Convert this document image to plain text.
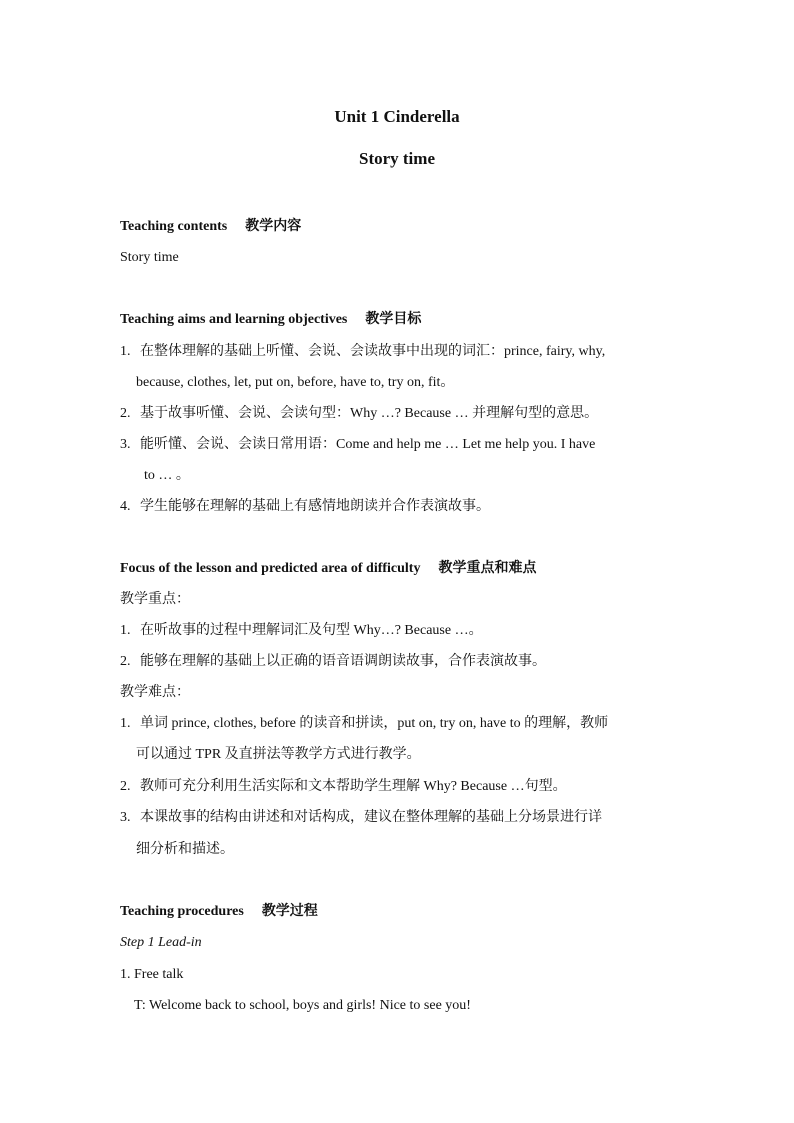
Unit 1 Cinderella
Story time

Teaching contents 教学内容

Story time

Teaching aims and learning objectives 教学目标

1. 在整体理解的基础上听懂、会说、会读故事中出现的词汇：prince, fairy, why,

because, clothes, let, put on, before, have to, try on, fit。

2. 基于故事听懂、会说、会读句型：Why …? Because … 并理解句型的意思。

3. 能听懂、会说、会读日常用语：Come and help me … Let me help you. I have

to … 。

4. 学生能够在理解的基础上有感情地朗读并合作表演故事。

Focus of the lesson and predicted area of difficulty 教学重点和难点

教学重点：

1. 在听故事的过程中理解词汇及句型 Why…? Because …。

2. 能够在理解的基础上以正确的语音语调朗读故事，合作表演故事。

教学难点：

1. 单词 prince, clothes, before 的读音和拼读，put on, try on, have to 的理解，教师

可以通过 TPR 及直拼法等教学方式进行教学。

2. 教师可充分利用生活实际和文本帮助学生理解 Why? Because …句型。

3. 本课故事的结构由讲述和对话构成，建议在整体理解的基础上分场景进行详

细分析和描述。

Teaching procedures 教学过程

Step 1 Lead-in

1. Free talk

T: Welcome back to school, boys and girls! Nice to see you!
